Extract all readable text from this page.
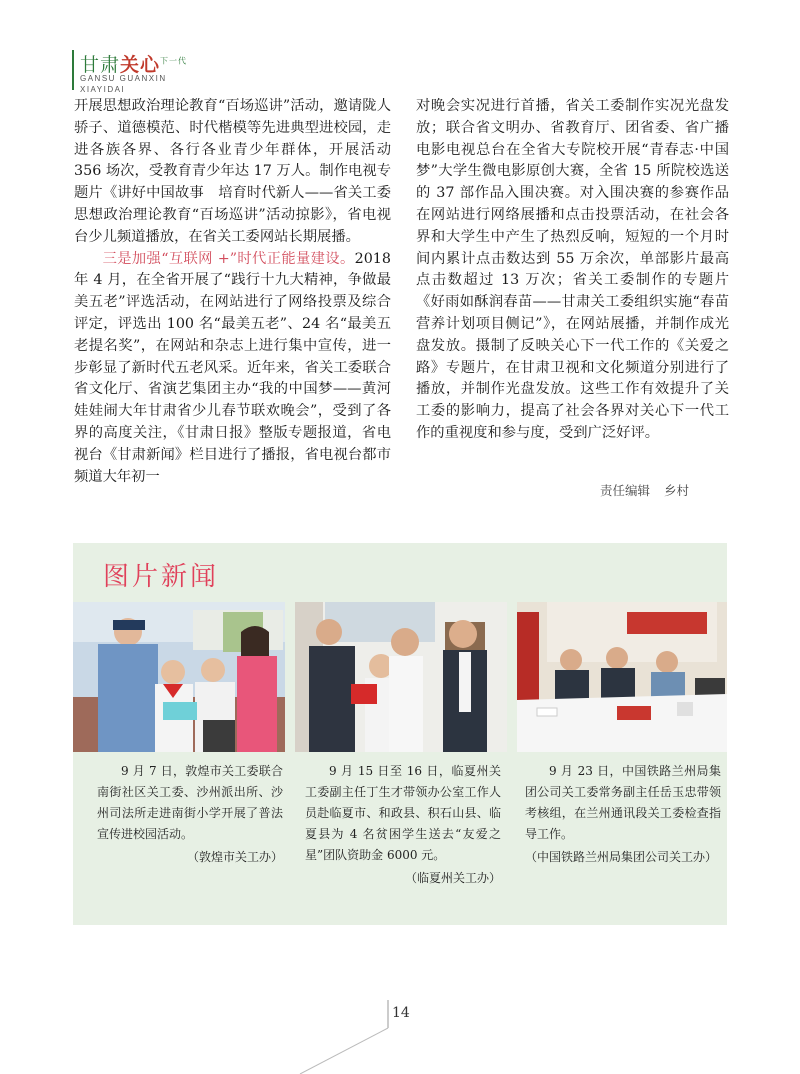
甘肃关心$^{下一代}$
GANSU GUANXIN
XIAYIDAI

开展思想政治理论教育“百场巡讲”活动，邀请陇人骄子、道德模范、时代楷模等先进典型进校园，走进各族各界、各行各业青少年群体，开展活动 356 场次，受教育青少年达 17 万人。制作电视专题片《讲好中国故事　培育时代新人——省关工委思想政治理论教育“百场巡讲”活动掠影》，省电视台少儿频道播放，在省关工委网站长期展播。

三是加强“互联网 +”时代正能量建设。2018 年 4 月，在全省开展了“践行十九大精神，争做最美五老”评选活动，在网站进行了网络投票及综合评定，评选出 100 名“最美五老”、24 名“最美五老提名奖”，在网站和杂志上进行集中宣传，进一步彰显了新时代五老风采。近年来，省关工委联合省文化厅、省演艺集团主办“我的中国梦——黄河娃娃闹大年甘肃省少儿春节联欢晚会”，受到了各界的高度关注，《甘肃日报》整版专题报道，省电视台《甘肃新闻》栏目进行了播报，省电视台都市频道大年初一

对晚会实况进行首播，省关工委制作实况光盘发放；联合省文明办、省教育厅、团省委、省广播电影电视总台在全省大专院校开展“青春志·中国梦”大学生微电影原创大赛，全省 15 所院校选送的 37 部作品入围决赛。对入围决赛的参赛作品在网站进行网络展播和点击投票活动，在社会各界和大学生中产生了热烈反响，短短的一个月时间内累计点击数达到 55 万余次，单部影片最高点击数超过 13 万次；省关工委制作的专题片《好雨如酥润春苗——甘肃关工委组织实施“春苗营养计划项目侧记”》，在网站展播，并制作成光盘发放。摄制了反映关心下一代工作的《关爱之路》专题片，在甘肃卫视和文化频道分别进行了播放，并制作光盘发放。这些工作有效提升了关工委的影响力，提高了社会各界对关心下一代工作的重视度和参与度，受到广泛好评。

责任编辑 乡村
图片新闻
9 月 7 日，敦煌市关工委联合南街社区关工委、沙州派出所、沙州司法所走进南街小学开展了普法宣传进校园活动。
（敦煌市关工办）
9 月 15 日至 16 日，临夏州关工委副主任丁生才带领办公室工作人员赴临夏市、和政县、积石山县、临夏县为 4 名贫困学生送去“友爱之星”团队资助金 6000 元。
（临夏州关工办）
9 月 23 日，中国铁路兰州局集团公司关工委常务副主任岳玉忠带领考核组，在兰州通讯段关工委检查指导工作。
（中国铁路兰州局集团公司关工办）
14
